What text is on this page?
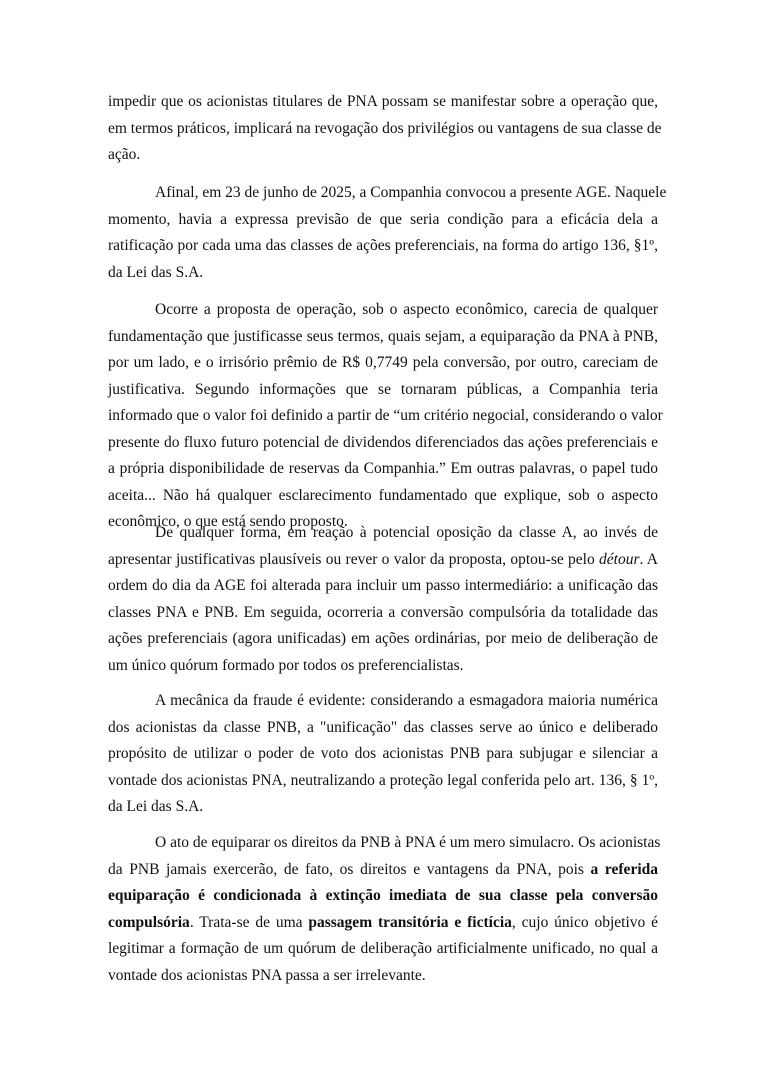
impedir que os acionistas titulares de PNA possam se manifestar sobre a operação que,
em termos práticos, implicará na revogação dos privilégios ou vantagens de sua classe de
ação.
Afinal, em 23 de junho de 2025, a Companhia convocou a presente AGE. Naquele
momento, havia a expressa previsão de que seria condição para a eficácia dela a
ratificação por cada uma das classes de ações preferenciais, na forma do artigo 136, §1º,
da Lei das S.A.
Ocorre a proposta de operação, sob o aspecto econômico, carecia de qualquer
fundamentação que justificasse seus termos, quais sejam, a equiparação da PNA à PNB,
por um lado, e o irrisório prêmio de R$ 0,7749 pela conversão, por outro, careciam de
justificativa. Segundo informações que se tornaram públicas, a Companhia teria
informado que o valor foi definido a partir de “um critério negocial, considerando o valor
presente do fluxo futuro potencial de dividendos diferenciados das ações preferenciais e
a própria disponibilidade de reservas da Companhia.” Em outras palavras, o papel tudo
aceita... Não há qualquer esclarecimento fundamentado que explique, sob o aspecto
econômico, o que está sendo proposto.
De qualquer forma, em reação à potencial oposição da classe A, ao invés de
apresentar justificativas plausíveis ou rever o valor da proposta, optou-se pelo détour. A
ordem do dia da AGE foi alterada para incluir um passo intermediário: a unificação das
classes PNA e PNB. Em seguida, ocorreria a conversão compulsória da totalidade das
ações preferenciais (agora unificadas) em ações ordinárias, por meio de deliberação de
um único quórum formado por todos os preferencialistas.
A mecânica da fraude é evidente: considerando a esmagadora maioria numérica
dos acionistas da classe PNB, a "unificação" das classes serve ao único e deliberado
propósito de utilizar o poder de voto dos acionistas PNB para subjugar e silenciar a
vontade dos acionistas PNA, neutralizando a proteção legal conferida pelo art. 136, § 1º,
da Lei das S.A.
O ato de equiparar os direitos da PNB à PNA é um mero simulacro. Os acionistas
da PNB jamais exercerão, de fato, os direitos e vantagens da PNA, pois a referida
equiparação é condicionada à extinção imediata de sua classe pela conversão
compulsória. Trata-se de uma passagem transitória e fictícia, cujo único objetivo é
legitimar a formação de um quórum de deliberação artificialmente unificado, no qual a
vontade dos acionistas PNA passa a ser irrelevante.
